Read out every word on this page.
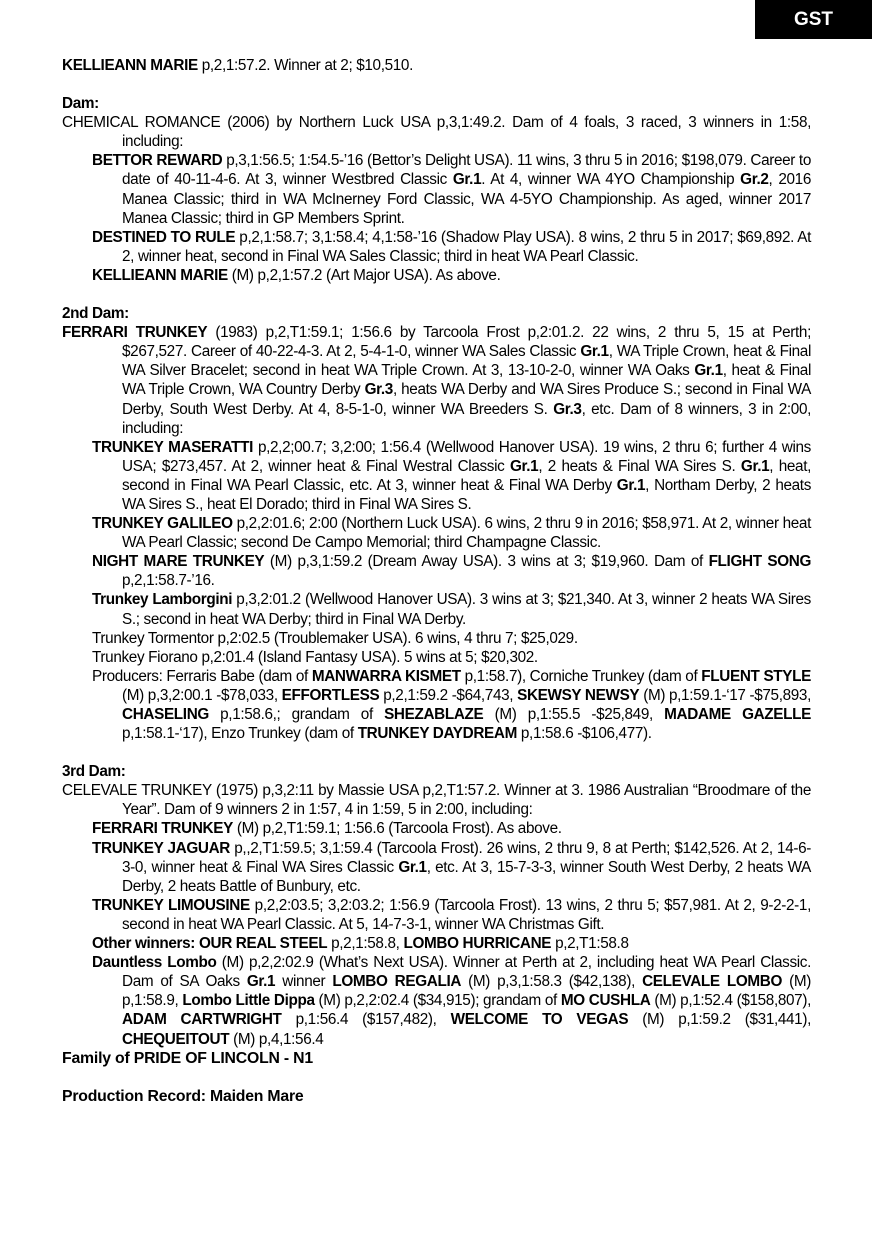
GST

KELLIEANN MARIE p,2,1:57.2. Winner at 2; $10,510.

Dam:

CHEMICAL ROMANCE (2006) by Northern Luck USA p,3,1:49.2. Dam of 4 foals, 3 raced, 3 winners in 1:58, including:

BETTOR REWARD p,3,1:56.5; 1:54.5-’16 (Bettor’s Delight USA). 11 wins, 3 thru 5 in 2016; $198,079. Career to date of 40-11-4-6. At 3, winner Westbred Classic Gr.1. At 4, winner WA 4YO Championship Gr.2, 2016 Manea Classic; third in WA McInerney Ford Classic, WA 4-5YO Championship. As aged, winner 2017 Manea Classic; third in GP Members Sprint.

DESTINED TO RULE p,2,1:58.7; 3,1:58.4; 4,1:58-’16 (Shadow Play USA). 8 wins, 2 thru 5 in 2017; $69,892. At 2, winner heat, second in Final WA Sales Classic; third in heat WA Pearl Classic.

KELLIEANN MARIE (M) p,2,1:57.2 (Art Major USA). As above.

2nd Dam:

FERRARI TRUNKEY (1983) p,2,T1:59.1; 1:56.6 by Tarcoola Frost p,2:01.2. 22 wins, 2 thru 5, 15 at Perth; $267,527. Career of 40-22-4-3. At 2, 5-4-1-0, winner WA Sales Classic Gr.1, WA Triple Crown, heat & Final WA Silver Bracelet; second in heat WA Triple Crown. At 3, 13-10-2-0, winner WA Oaks Gr.1, heat & Final WA Triple Crown, WA Country Derby Gr.3, heats WA Derby and WA Sires Produce S.; second in Final WA Derby, South West Derby. At 4, 8-5-1-0, winner WA Breeders S. Gr.3, etc. Dam of 8 winners, 3 in 2:00, including:

TRUNKEY MASERATTI p,2,2;00.7; 3,2:00; 1:56.4 (Wellwood Hanover USA). 19 wins, 2 thru 6; further 4 wins USA; $273,457. At 2, winner heat & Final Westral Classic Gr.1, 2 heats & Final WA Sires S. Gr.1, heat, second in Final WA Pearl Classic, etc. At 3, winner heat & Final WA Derby Gr.1, Northam Derby, 2 heats WA Sires S., heat El Dorado; third in Final WA Sires S.

TRUNKEY GALILEO p,2,2:01.6; 2:00 (Northern Luck USA). 6 wins, 2 thru 9 in 2016; $58,971. At 2, winner heat WA Pearl Classic; second De Campo Memorial; third Champagne Classic.

NIGHT MARE TRUNKEY (M) p,3,1:59.2 (Dream Away USA). 3 wins at 3; $19,960. Dam of FLIGHT SONG p,2,1:58.7-’16.

Trunkey Lamborgini p,3,2:01.2 (Wellwood Hanover USA). 3 wins at 3; $21,340. At 3, winner 2 heats WA Sires S.; second in heat WA Derby; third in Final WA Derby.

Trunkey Tormentor p,2:02.5 (Troublemaker USA). 6 wins, 4 thru 7; $25,029.

Trunkey Fiorano p,2:01.4 (Island Fantasy USA). 5 wins at 5; $20,302.

Producers: Ferraris Babe (dam of MANWARRA KISMET p,1:58.7), Corniche Trunkey (dam of FLUENT STYLE (M) p,3,2:00.1 -$78,033, EFFORTLESS p,2,1:59.2 -$64,743, SKEWSY NEWSY (M) p,1:59.1-‘17 -$75,893, CHASELING p,1:58.6,; grandam of SHEZABLAZE (M) p,1:55.5 -$25,849, MADAME GAZELLE p,1:58.1-‘17), Enzo Trunkey (dam of TRUNKEY DAYDREAM p,1:58.6 -$106,477).

3rd Dam:

CELEVALE TRUNKEY (1975) p,3,2:11 by Massie USA p,2,T1:57.2. Winner at 3. 1986 Australian “Broodmare of the Year”. Dam of 9 winners 2 in 1:57, 4 in 1:59, 5 in 2:00, including:

FERRARI TRUNKEY (M) p,2,T1:59.1; 1:56.6 (Tarcoola Frost). As above.

TRUNKEY JAGUAR p,,2,T1:59.5; 3,1:59.4 (Tarcoola Frost). 26 wins, 2 thru 9, 8 at Perth; $142,526. At 2, 14-6-3-0, winner heat & Final WA Sires Classic Gr.1, etc. At 3, 15-7-3-3, winner South West Derby, 2 heats WA Derby, 2 heats Battle of Bunbury, etc.

TRUNKEY LIMOUSINE p,2,2:03.5; 3,2:03.2; 1:56.9 (Tarcoola Frost). 13 wins, 2 thru 5; $57,981. At 2, 9-2-2-1, second in heat WA Pearl Classic. At 5, 14-7-3-1, winner WA Christmas Gift.

Other winners: OUR REAL STEEL p,2,1:58.8, LOMBO HURRICANE p,2,T1:58.8

Dauntless Lombo (M) p,2,2:02.9 (What’s Next USA). Winner at Perth at 2, including heat WA Pearl Classic. Dam of SA Oaks Gr.1 winner LOMBO REGALIA (M) p,3,1:58.3 ($42,138), CELEVALE LOMBO (M) p,1:58.9, Lombo Little Dippa (M) p,2,2:02.4 ($34,915); grandam of MO CUSHLA (M) p,1:52.4 ($158,807), ADAM CARTWRIGHT p,1:56.4 ($157,482), WELCOME TO VEGAS (M) p,1:59.2 ($31,441), CHEQUEITOUT (M) p,4,1:56.4

Family of PRIDE OF LINCOLN - N1

Production Record: Maiden Mare
